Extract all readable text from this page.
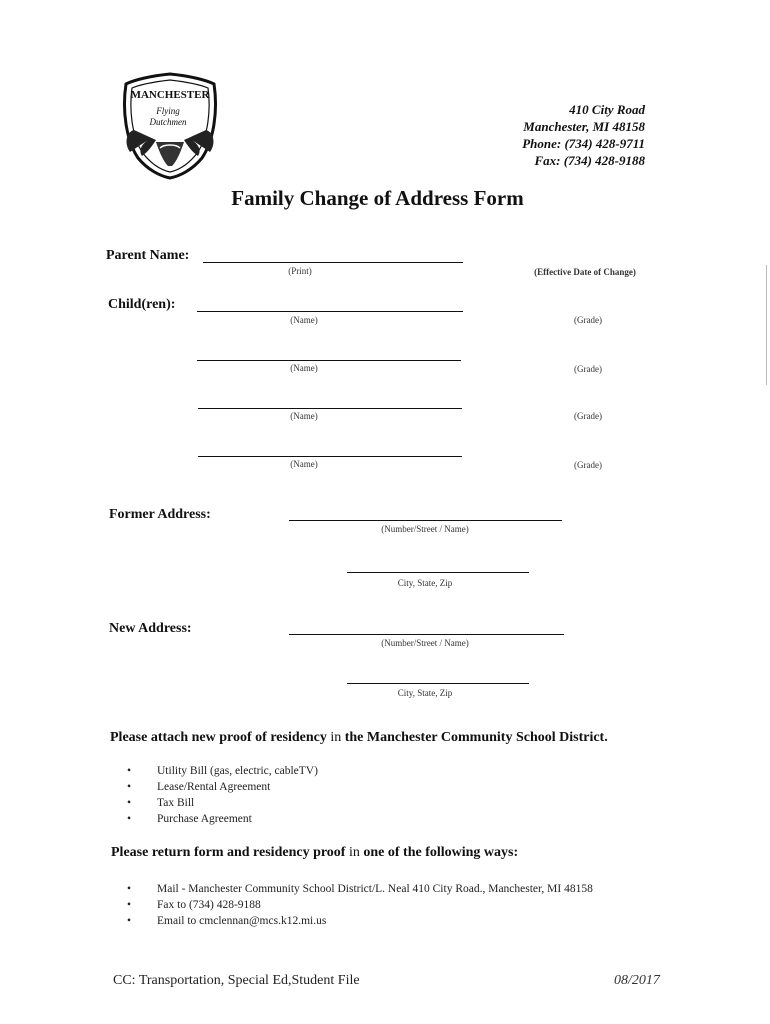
MANCHESTER
Flying
Dutchmen
410 City Road
Manchester, MI 48158
Phone: (734) 428-9711
Fax: (734) 428-9188
Family Change of Address Form
Parent Name:
(Print)	(Effective Date of Change)
Child(ren):
(Name)	(Grade)
(Name)	(Grade)
(Name)	(Grade)
(Name)	(Grade)
Former Address:
(Number/Street / Name)
City, State, Zip
New Address:
(Number/Street / Name)
City, State, Zip
Please attach new proof of residency in the Manchester Community School District.
• Utility Bill (gas, electric, cableTV)
• Lease/Rental Agreement
• Tax Bill
• Purchase Agreement
Please return form and residency proof in one of the following ways:
• Mail - Manchester Community School District/L. Neal 410 City Road., Manchester, MI 48158
• Fax to (734) 428-9188
• Email to cmclennan@mcs.k12.mi.us
CC: Transportation, Special Ed,Student File	08/2017
